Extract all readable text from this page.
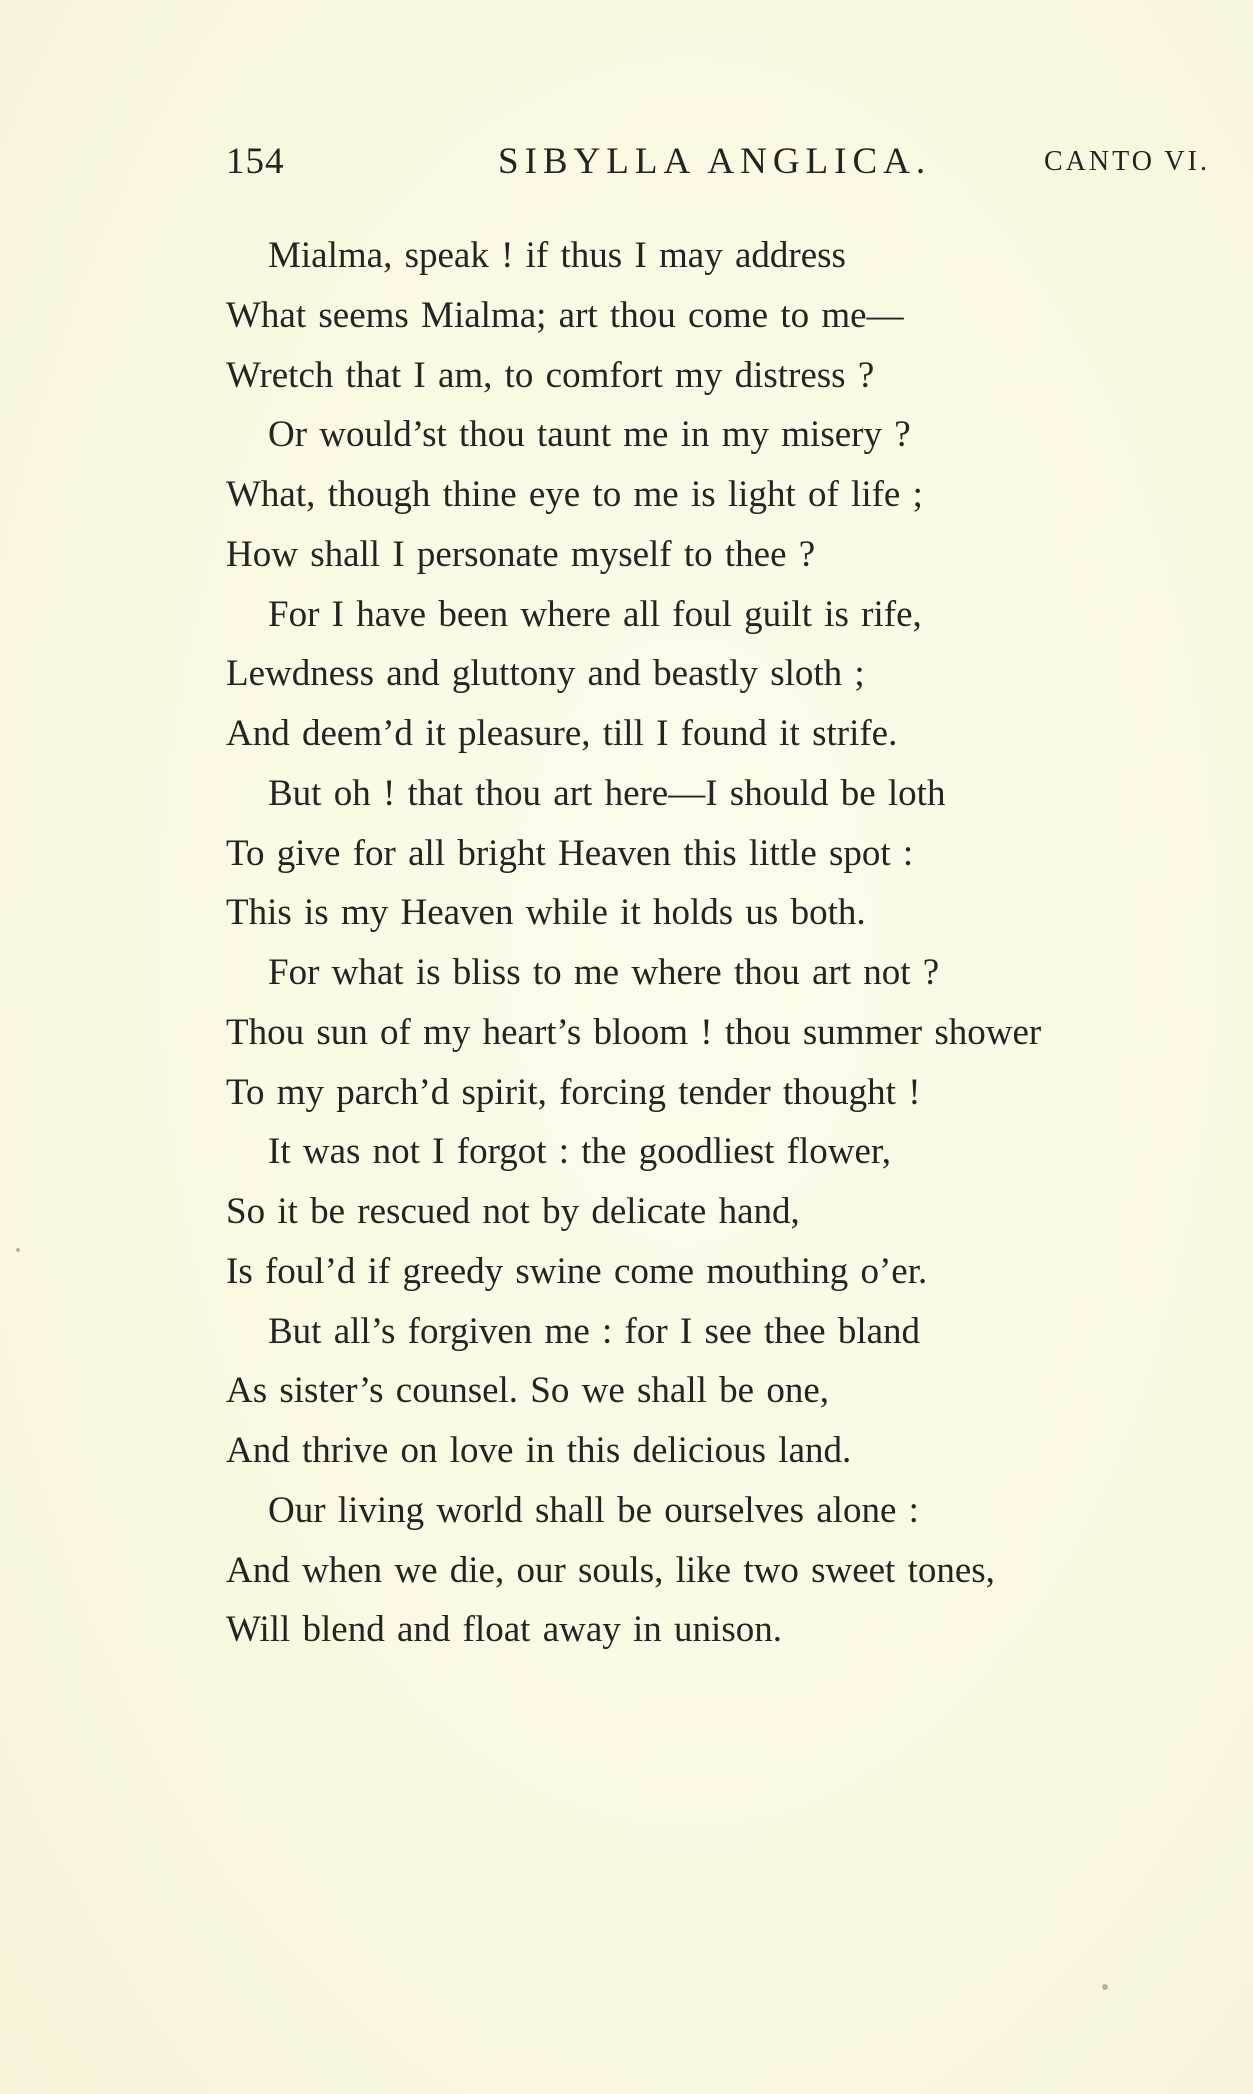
154	SIBYLLA ANGLICA.	CANTO VI.
Mialma, speak ! if thus I may address
What seems Mialma; art thou come to me—
Wretch that I am, to comfort my distress ?
Or would’st thou taunt me in my misery ?
What, though thine eye to me is light of life ;
How shall I personate myself to thee ?
For I have been where all foul guilt is rife,
Lewdness and gluttony and beastly sloth ;
And deem’d it pleasure, till I found it strife.
But oh ! that thou art here—I should be loth
To give for all bright Heaven this little spot :
This is my Heaven while it holds us both.
For what is bliss to me where thou art not ?
Thou sun of my heart’s bloom ! thou summer shower
To my parch’d spirit, forcing tender thought !
It was not I forgot : the goodliest flower,
So it be rescued not by delicate hand,
Is foul’d if greedy swine come mouthing o’er.
But all’s forgiven me : for I see thee bland
As sister’s counsel. So we shall be one,
And thrive on love in this delicious land.
Our living world shall be ourselves alone :
And when we die, our souls, like two sweet tones,
Will blend and float away in unison.
